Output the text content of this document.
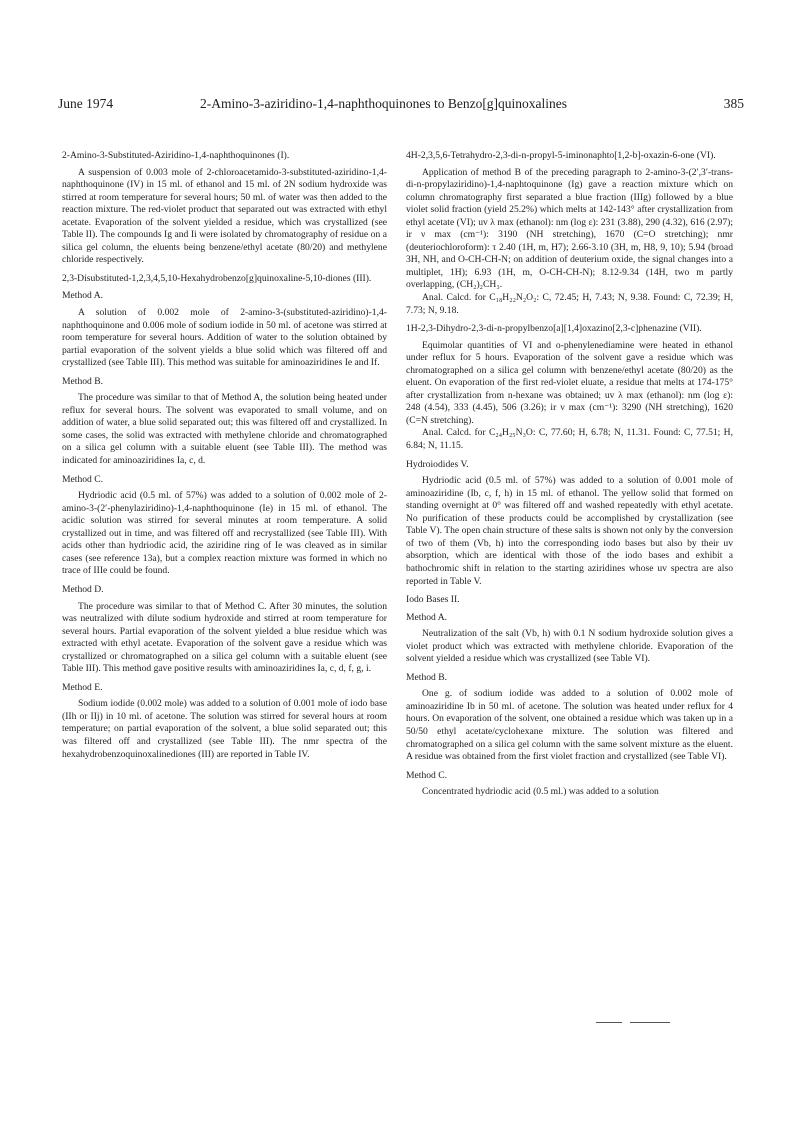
June 1974	2-Amino-3-aziridino-1,4-naphthoquinones to Benzo[g]quinoxalines	385

2-Amino-3-Substituted-Aziridino-1,4-naphthoquinones (I).

A suspension of 0.003 mole of 2-chloroacetamido-3-substituted-aziridino-1,4-naphthoquinone (IV) in 15 ml. of ethanol and 15 ml. of 2N sodium hydroxide was stirred at room temperature for several hours; 50 ml. of water was then added to the reaction mixture. The red-violet product that separated out was extracted with ethyl acetate. Evaporation of the solvent yielded a residue, which was crystallized (see Table II). The compounds Ig and Ii were isolated by chromatography of residue on a silica gel column, the eluents being benzene/ethyl acetate (80/20) and methylene chloride respectively.

2,3-Disubstituted-1,2,3,4,5,10-Hexahydrobenzo[g]quinoxaline-5,10-diones (III).

Method A.

A solution of 0.002 mole of 2-amino-3-(substituted-aziridino)-1,4-naphthoquinone and 0.006 mole of sodium iodide in 50 ml. of acetone was stirred at room temperature for several hours. Addition of water to the solution obtained by partial evaporation of the solvent yields a blue solid which was filtered off and crystallized (see Table III). This method was suitable for aminoaziridines Ie and If.

Method B.

The procedure was similar to that of Method A, the solution being heated under reflux for several hours. The solvent was evaporated to small volume, and on addition of water, a blue solid separated out; this was filtered off and crystallized. In some cases, the solid was extracted with methylene chloride and chromatographed on a silica gel column with a suitable eluent (see Table III). The method was indicated for aminoaziridines Ia, c, d.

Method C.

Hydriodic acid (0.5 ml. of 57%) was added to a solution of 0.002 mole of 2-amino-3-(2′-phenylaziridino)-1,4-naphthoquinone (Ie) in 15 ml. of ethanol. The acidic solution was stirred for several minutes at room temperature. A solid crystallized out in time, and was filtered off and recrystallized (see Table III). With acids other than hydriodic acid, the aziridine ring of Ie was cleaved as in similar cases (see reference 13a), but a complex reaction mixture was formed in which no trace of IIIe could be found.

Method D.

The procedure was similar to that of Method C. After 30 minutes, the solution was neutralized with dilute sodium hydroxide and stirred at room temperature for several hours. Partial evaporation of the solvent yielded a blue residue which was extracted with ethyl acetate. Evaporation of the solvent gave a residue which was crystallized or chromatographed on a silica gel column with a suitable eluent (see Table III). This method gave positive results with aminoaziridines Ia, c, d, f, g, i.

Method E.

Sodium iodide (0.002 mole) was added to a solution of 0.001 mole of iodo base (IIh or IIj) in 10 ml. of acetone. The solution was stirred for several hours at room temperature; on partial evaporation of the solvent, a blue solid separated out; this was filtered off and crystallized (see Table III). The nmr spectra of the hexahydrobenzoquinoxalinediones (III) are reported in Table IV.

4H-2,3,5,6-Tetrahydro-2,3-di-n-propyl-5-iminonaphto[1,2-b]-oxazin-6-one (VI).

Application of method B of the preceding paragraph to 2-amino-3-(2′,3′-trans-di-n-propylaziridino)-1,4-naphtoquinone (Ig) gave a reaction mixture which on column chromatography first separated a blue fraction (IIIg) followed by a blue violet solid fraction (yield 25.2%) which melts at 142-143° after crystallization from ethyl acetate (VI); uv λ max (ethanol): nm (log ε): 231 (3.88), 290 (4.32), 616 (2.97); ir ν max (cm⁻¹): 3190 (NH stretching), 1670 (C=O stretching); nmr (deuteriochloroform): τ 2.40 (1H, m, H7); 2.66-3.10 (3H, m, H8, 9, 10); 5.94 (broad 3H, NH, and O-CH-CH-N; on addition of deuterium oxide, the signal changes into a multiplet, 1H); 6.93 (1H, m, O-CH-CH-N); 8.12-9.34 (14H, two m partly overlapping, (CH₂)₂CH₃.

Anal. Calcd. for C₁₈H₂₂N₂O₂: C, 72.45; H, 7.43; N, 9.38. Found: C, 72.39; H, 7.73; N, 9.18.

1H-2,3-Dihydro-2,3-di-n-propylbenzo[a][1,4]oxazino[2,3-c]phenazine (VII).

Equimolar quantities of VI and o-phenylenediamine were heated in ethanol under reflux for 5 hours. Evaporation of the solvent gave a residue which was chromatographed on a silica gel column with benzene/ethyl acetate (80/20) as the eluent. On evaporation of the first red-violet eluate, a residue that melts at 174-175° after crystallization from n-hexane was obtained; uv λ max (ethanol): nm (log ε): 248 (4.54), 333 (4.45), 506 (3.26); ir ν max (cm⁻¹): 3290 (NH stretching), 1620 (C=N stretching).

Anal. Calcd. for C₂₄H₂₅N₃O: C, 77.60; H, 6.78; N, 11.31. Found: C, 77.51; H, 6.84; N, 11.15.

Hydroiodides V.

Hydriodic acid (0.5 ml. of 57%) was added to a solution of 0.001 mole of aminoaziridine (Ib, c, f, h) in 15 ml. of ethanol. The yellow solid that formed on standing overnight at 0° was filtered off and washed repeatedly with ethyl acetate. No purification of these products could be accomplished by crystallization (see Table V). The open chain structure of these salts is shown not only by the conversion of two of them (Vb, h) into the corresponding iodo bases but also by their uv absorption, which are identical with those of the iodo bases and exhibit a bathochromic shift in relation to the starting aziridines whose uv spectra are also reported in Table V.

Iodo Bases II.

Method A.

Neutralization of the salt (Vb, h) with 0.1 N sodium hydroxide solution gives a violet product which was extracted with methylene chloride. Evaporation of the solvent yielded a residue which was crystallized (see Table VI).

Method B.

One g. of sodium iodide was added to a solution of 0.002 mole of aminoaziridine Ib in 50 ml. of acetone. The solution was heated under reflux for 4 hours. On evaporation of the solvent, one obtained a residue which was taken up in a 50/50 ethyl acetate/cyclohexane mixture. The solution was filtered and chromatographed on a silica gel column with the same solvent mixture as the eluent. A residue was obtained from the first violet fraction and crystallized (see Table VI).

Method C.

Concentrated hydriodic acid (0.5 ml.) was added to a solution
